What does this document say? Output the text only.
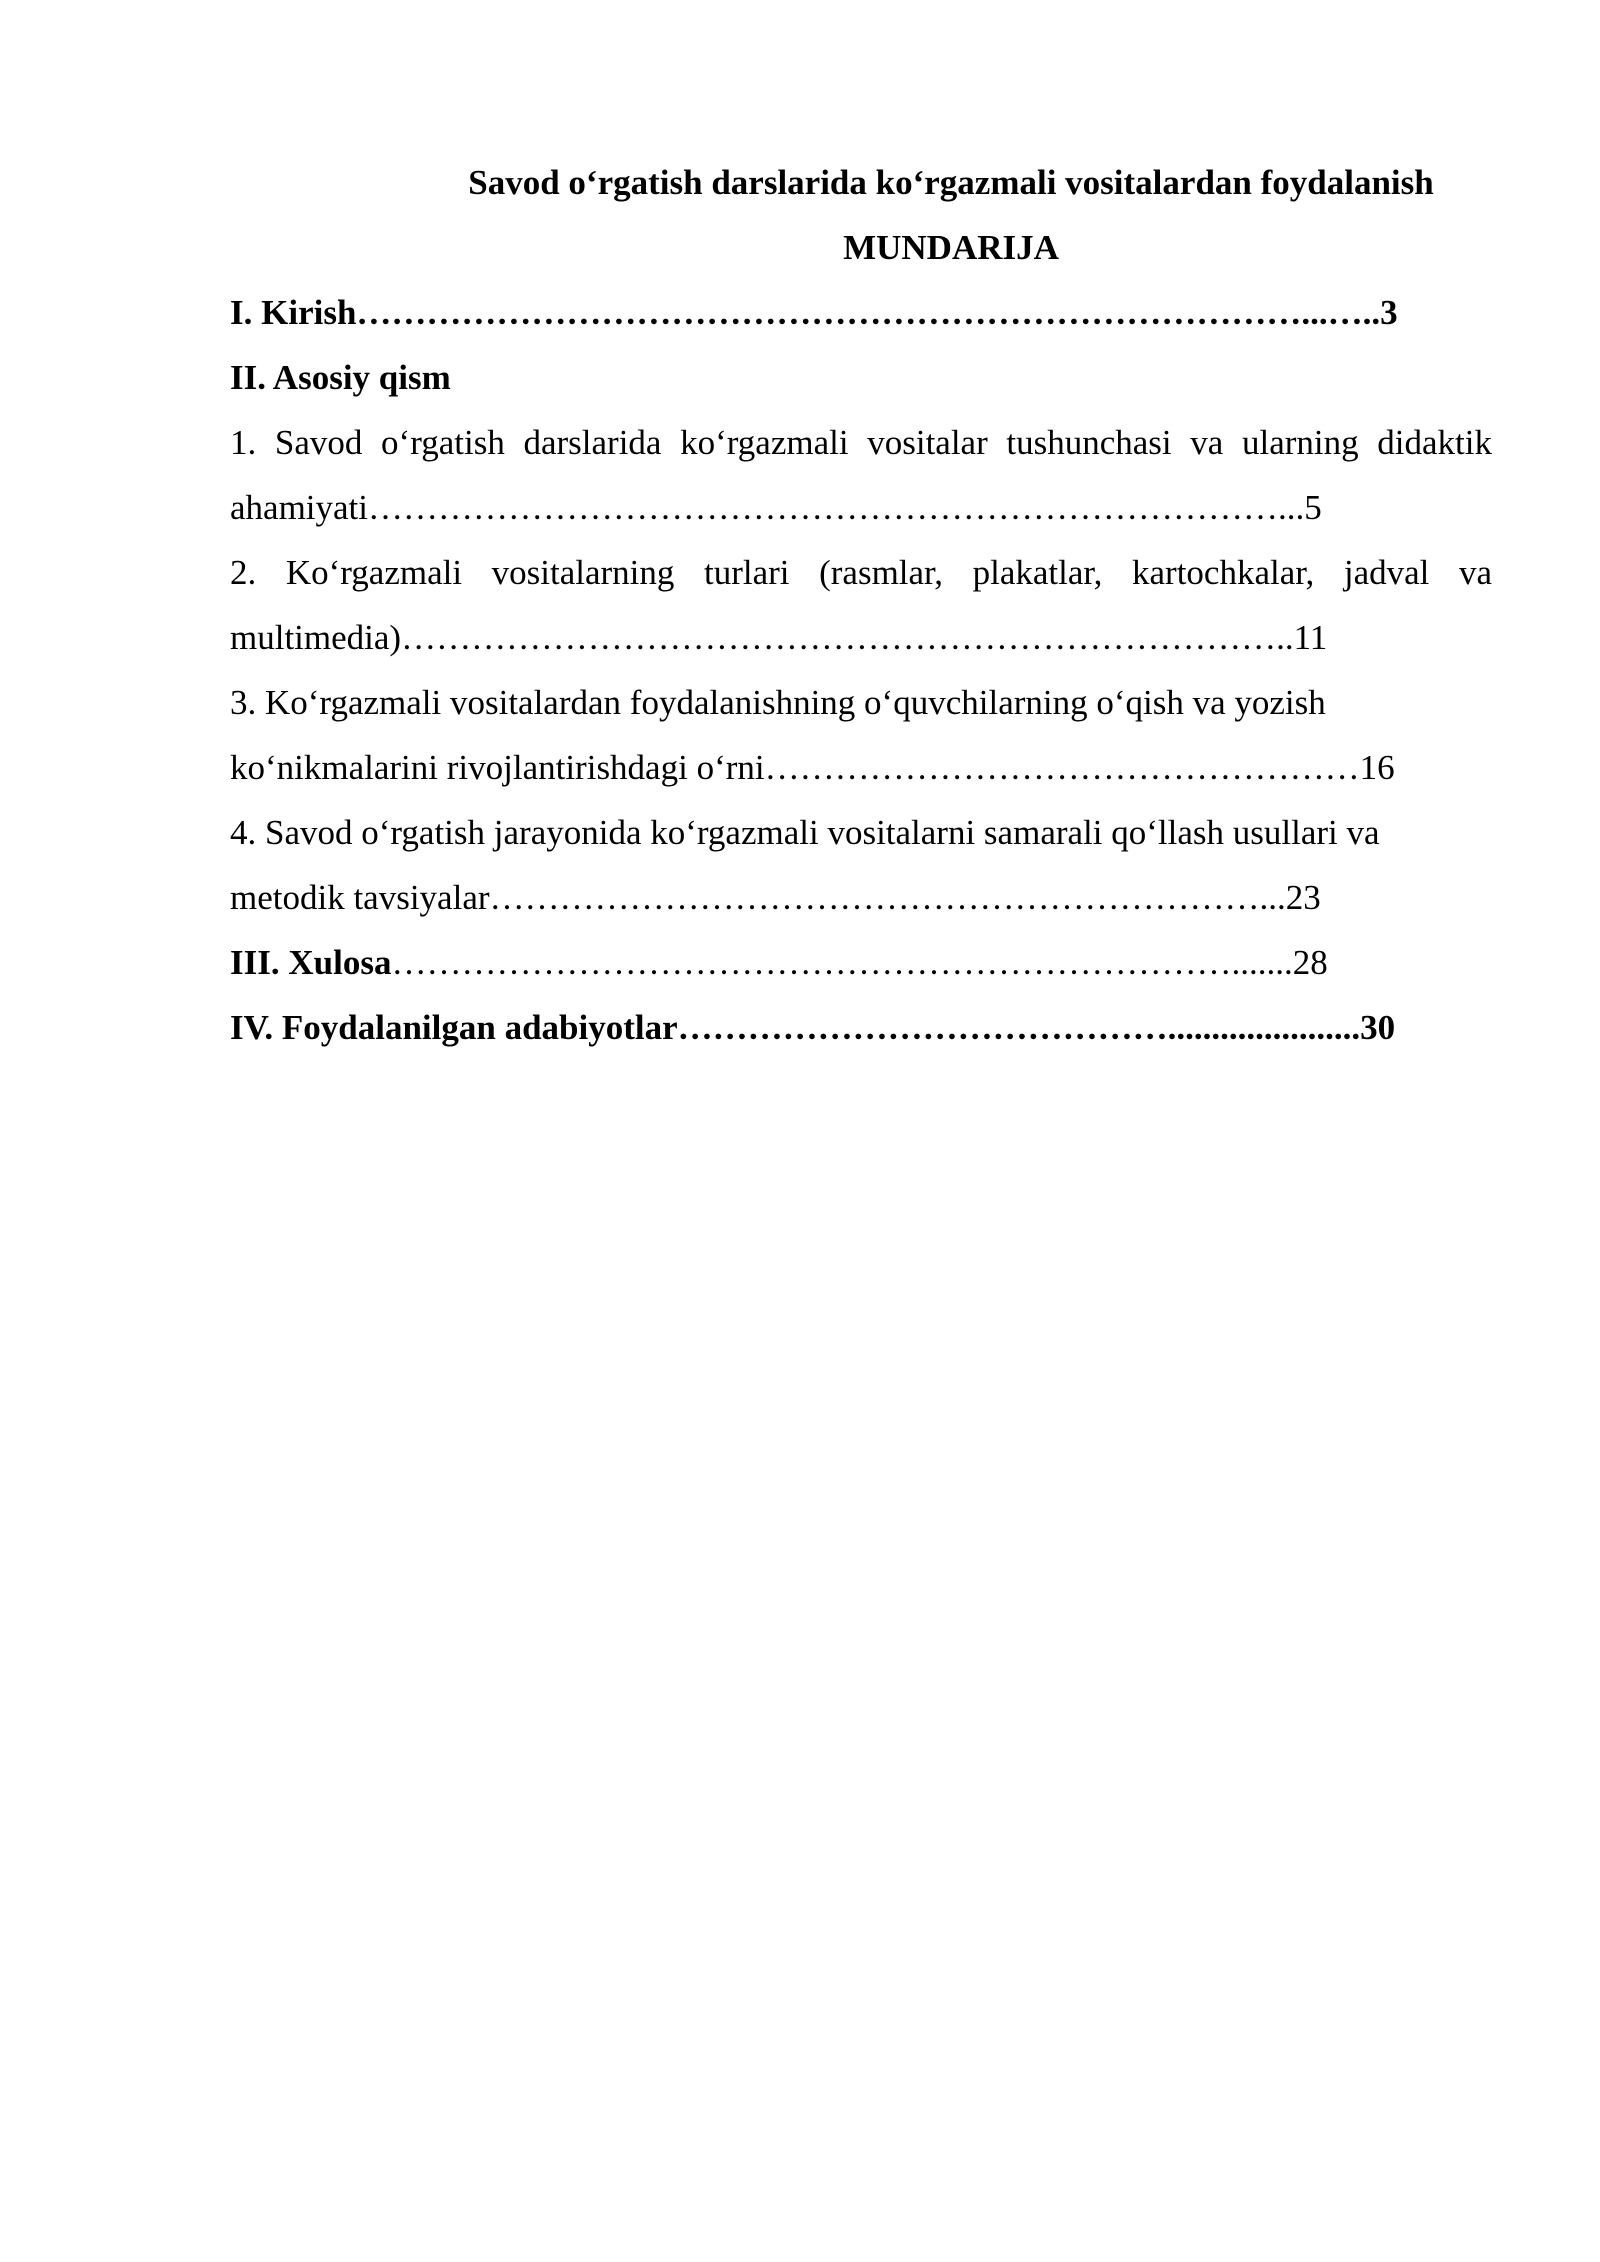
Savod o‘rgatish darslarida ko‘rgazmali vositalardan foydalanish

MUNDARIJA

I. Kirish………………………………………………………………………...…..3

II. Asosiy qism

1. Savod o‘rgatish darslarida ko‘rgazmali vositalar tushunchasi va ularning didaktik

ahamiyati……………………………………………………………………...5

2. Ko‘rgazmali vositalarning turlari (rasmlar, plakatlar, kartochkalar, jadval va

multimedia)…………………………………………………………………..11

3. Ko‘rgazmali vositalardan foydalanishning o‘quvchilarning o‘qish va yozish

ko‘nikmalarini rivojlantirishdagi o‘rni……………………………………………16

4. Savod o‘rgatish jarayonida ko‘rgazmali vositalarni samarali qo‘llash usullari va

metodik tavsiyalar…………………………………………………………...23

III. Xulosa……………………………………………………………….......28

IV. Foydalanilgan adabiyotlar……………………………………......................30
